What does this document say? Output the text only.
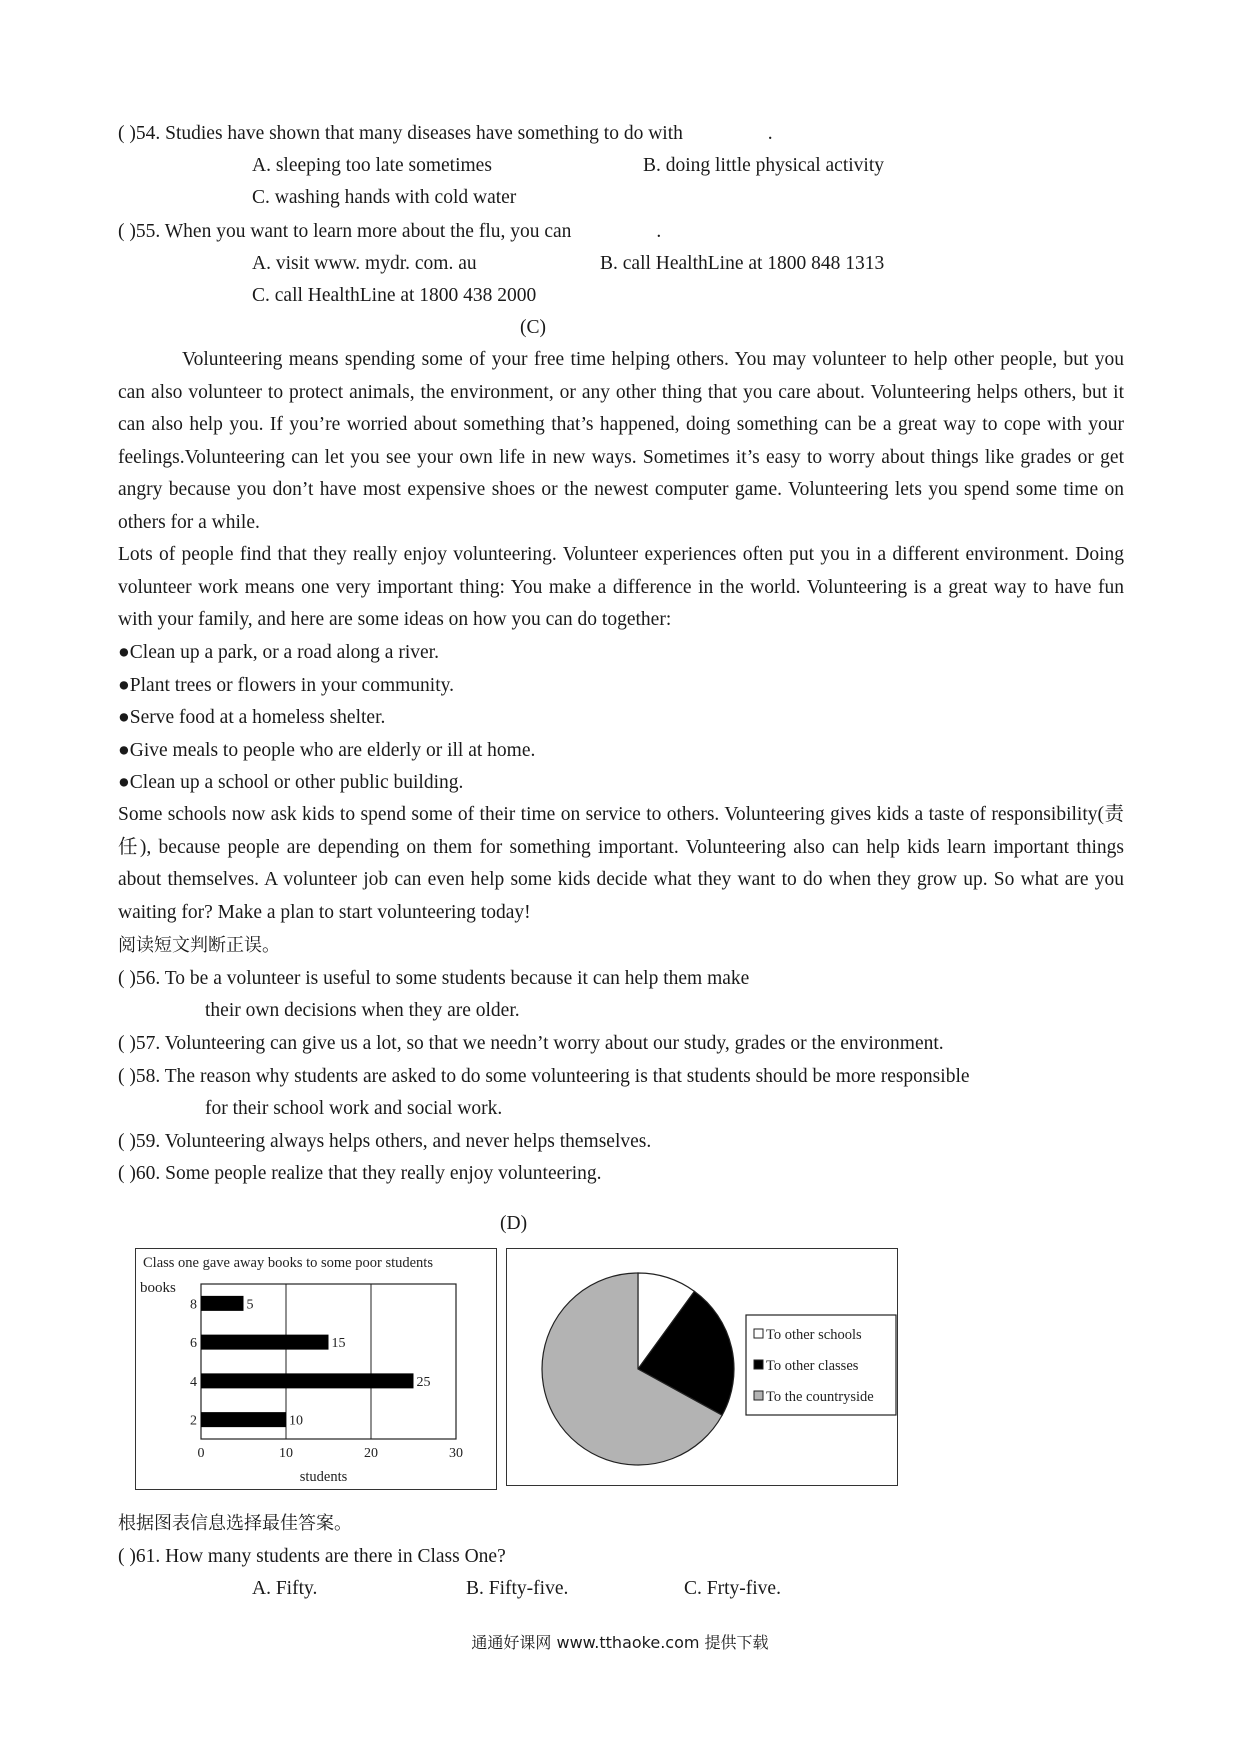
( )54. Studies have shown that many diseases have something to do with	.
A. sleeping too late sometimes	B. doing little physical activity
C. washing hands with cold water
( )55. When you want to learn more about the flu, you can	.
A. visit www. mydr. com. au	B. call HealthLine at 1800 848 1313
C. call HealthLine at 1800 438 2000
(C)
Volunteering means spending some of your free time helping others. You may volunteer to help other people, but you can also volunteer to protect animals, the environment, or any other thing that you care about. Volunteering helps others, but it can also help you. If you’re worried about something that’s happened, doing something can be a great way to cope with your feelings.Volunteering can let you see your own life in new ways. Sometimes it’s easy to worry about things like grades or get angry because you don’t have most expensive shoes or the newest computer game. Volunteering lets you spend some time on others for a while.
Lots of people find that they really enjoy volunteering. Volunteer experiences often put you in a different environment. Doing volunteer work means one very important thing: You make a difference in the world. Volunteering is a great way to have fun with your family, and here are some ideas on how you can do together:
●Clean up a park, or a road along a river.
●Plant trees or flowers in your community.
●Serve food at a homeless shelter.
●Give meals to people who are elderly or ill at home.
●Clean up a school or other public building.
Some schools now ask kids to spend some of their time on service to others. Volunteering gives kids a taste of responsibility(责任), because people are depending on them for something important. Volunteering also can help kids learn important things about themselves. A volunteer job can even help some kids decide what they want to do when they grow up. So what are you waiting for? Make a plan to start volunteering today!
阅读短文判断正误。
( )56. To be a volunteer is useful to some students because it can help them make
their own decisions when they are older.
( )57. Volunteering can give us a lot, so that we needn’t worry about our study, grades or the environment.
( )58. The reason why students are asked to do some volunteering is that students should be more responsible
for their school work and social work.
( )59. Volunteering always helps others, and never helps themselves.
( )60. Some people realize that they really enjoy volunteering.
(D)
Class one gave away books to some poor students
books
students
0	10	20	30
8	5
6	15
4	25
2	10
To other schools
To other classes
To the countryside
根据图表信息选择最佳答案。
( )61. How many students are there in Class One?
A. Fifty.	B. Fifty-five.	C. Frty-five.
通通好课网 www.tthaoke.com 提供下载
